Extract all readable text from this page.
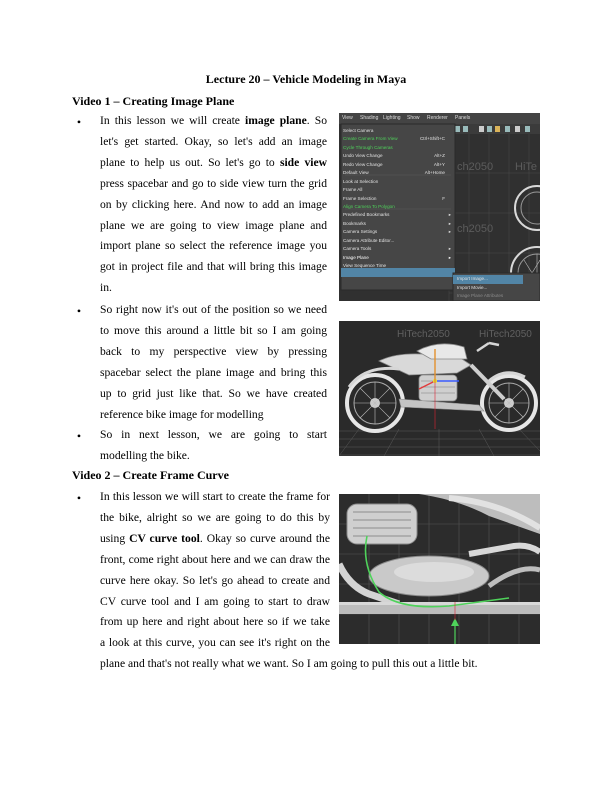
Lecture 20 – Vehicle Modeling in Maya
Video 1 – Creating Image Plane
•	In this lesson we will create image plane. So
let's get started. Okay, so let's add an image
plane to help us out. So let's go to side view
press spacebar and go to side view turn the grid
on by clicking here. And now to add an image
plane we are going to view image plane and
import plane so select the reference image you
got in project file and that will bring this image
in.
•	So right now it's out of the position so we need
to move this around a little bit so I am going
back to my perspective view by pressing
spacebar select the plane image and bring this
up to grid just like that. So we have created
reference bike image for modelling
•	So in next lesson, we are going to start
modelling the bike.
Video 2 – Create Frame Curve
•	In this lesson we will start to create the frame for
the bike, alright so we are going to do this by
using CV curve tool. Okay so curve around the
front, come right about here and we can draw the
curve here okay. So let's go ahead to create and
CV curve tool and I am going to start to draw
from up here and right about here so if we take
a look at this curve, you can see it's right on the
plane and that's not really what we want. So I am going to pull this out a little bit.
View Shading Lighting Show Renderer Panels
Select Camera
Create Camera From View	Ctrl+Shift+C
Cycle Through Cameras
Undo View Change	Alt+Z
Redo View Change	Alt+Y
Default View	Alt+Home
Look at Selection
Frame All
Frame Selection	F
Align Camera To Polygon
Predefined Bookmarks	▸
Bookmarks	▸
Camera Settings	▸
Camera Attribute Editor...
Camera Tools	▸
Image Plane	▸
View Sequence Time
Import Image...
Import Movie...
Image Plane Attributes
ch2050 HiTe
ch2050
HiTech2050	HiTech2050
